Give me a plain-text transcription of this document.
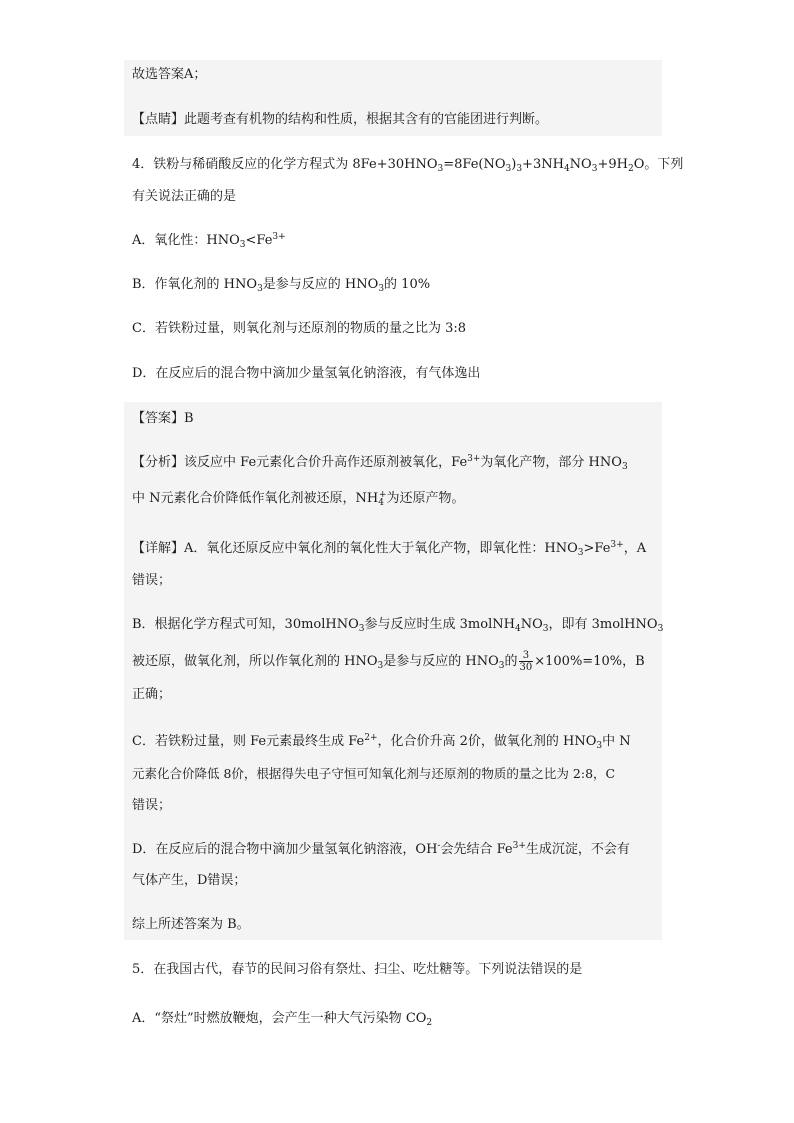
故选答案A；
【点睛】此题考查有机物的结构和性质，根据其含有的官能团进行判断。
4．铁粉与稀硝酸反应的化学方程式为 $8Fe+30HNO_3=8Fe(NO_3)_3+3NH_4NO_3+9H_2O$。下列
有关说法正确的是
A．氧化性：$HNO_3<Fe^{3+}$
B．作氧化剂的 $HNO_3$是参与反应的 $HNO_3$的 10%
C．若铁粉过量，则氧化剂与还原剂的物质的量之比为 3:8
D．在反应后的混合物中滴加少量氢氧化钠溶液，有气体逸出
【答案】B
【分析】该反应中 Fe元素化合价升高作还原剂被氧化，$Fe^{3+}$为氧化产物，部分 $HNO_3$
中 N元素化合价降低作氧化剂被还原，$NH_4^+$为还原产物。
【详解】A．氧化还原反应中氧化剂的氧化性大于氧化产物，即氧化性：$HNO_3>Fe^{3+}$，A
错误；
B．根据化学方程式可知，30molHNO$_3$参与反应时生成 $3molNH_4NO_3$，即有 3molHNO$_3$
被还原，做氧化剂，所以作氧化剂的 $HNO_3$是参与反应的 $HNO_3$的 $\frac{3}{30} \times 100\%=10\%$，B
正确；
C．若铁粉过量，则 Fe元素最终生成 $Fe^{2+}$，化合价升高 2价，做氧化剂的 $HNO_3$中 N
元素化合价降低 8价，根据得失电子守恒可知氧化剂与还原剂的物质的量之比为 2:8，C
错误；
D．在反应后的混合物中滴加少量氢氧化钠溶液，OH-会先结合 $Fe^{3+}$生成沉淀，不会有
气体产生，D错误；
综上所述答案为 B。
5．在我国古代，春节的民间习俗有祭灶、扫尘、吃灶糖等。下列说法错误的是
A．“祭灶”时燃放鞭炮，会产生一种大气污染物 $CO_2$
